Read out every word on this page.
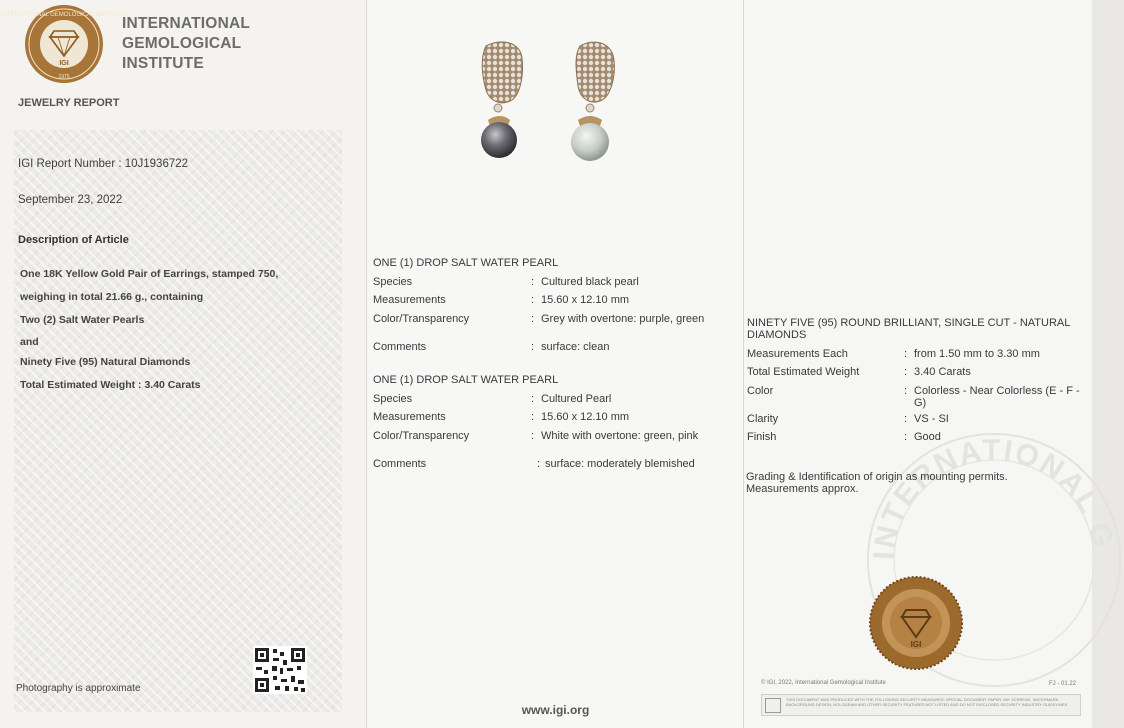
INTERNATIONAL GEMOLOGICAL INSTITUTE
IGI
1975
INTERNATIONAL
GEMOLOGICAL
INSTITUTE
JEWELRY REPORT
IGI Report Number : 10J1936722
September 23, 2022
Description of Article
One 18K Yellow Gold Pair of Earrings, stamped 750,
weighing in total 21.66 g., containing
Two (2) Salt Water Pearls
and
Ninety Five (95) Natural Diamonds
Total Estimated Weight : 3.40 Carats
Photography is approximate
ONE (1) DROP SALT WATER PEARL
Species	: Cultured black pearl
Measurements	: 15.60 x 12.10 mm
Color/Transparency	: Grey with overtone: purple, green
Comments	: surface: clean
ONE (1) DROP SALT WATER PEARL
Species	: Cultured Pearl
Measurements	: 15.60 x 12.10 mm
Color/Transparency	: White with overtone: green, pink
Comments	: surface: moderately blemished
www.igi.org
INTERNATIONAL G
NINETY FIVE (95) ROUND BRILLIANT, SINGLE CUT - NATURAL DIAMONDS
Measurements Each	: from 1.50 mm to 3.30 mm
Total Estimated Weight	: 3.40 Carats
Color	: Colorless - Near Colorless (E - F - G)
Clarity	: VS - SI
Finish	: Good
Grading & Identification of origin as mounting permits. Measurements approx.
IGI
© IGI, 2022, International Gemological Institute	FJ - 01.22
THIS DOCUMENT WAS PRODUCED WITH THE FOLLOWING SECURITY MEASURES: SPECIAL DOCUMENT PAPER, INK SCREENS, WATERMARK BACKGROUND DESIGN, HOLOGRAM AND OTHER SECURITY FEATURES NOT LISTED AND DO NOT DISCLOSED SECURITY INDUSTRY GUIDELINES
